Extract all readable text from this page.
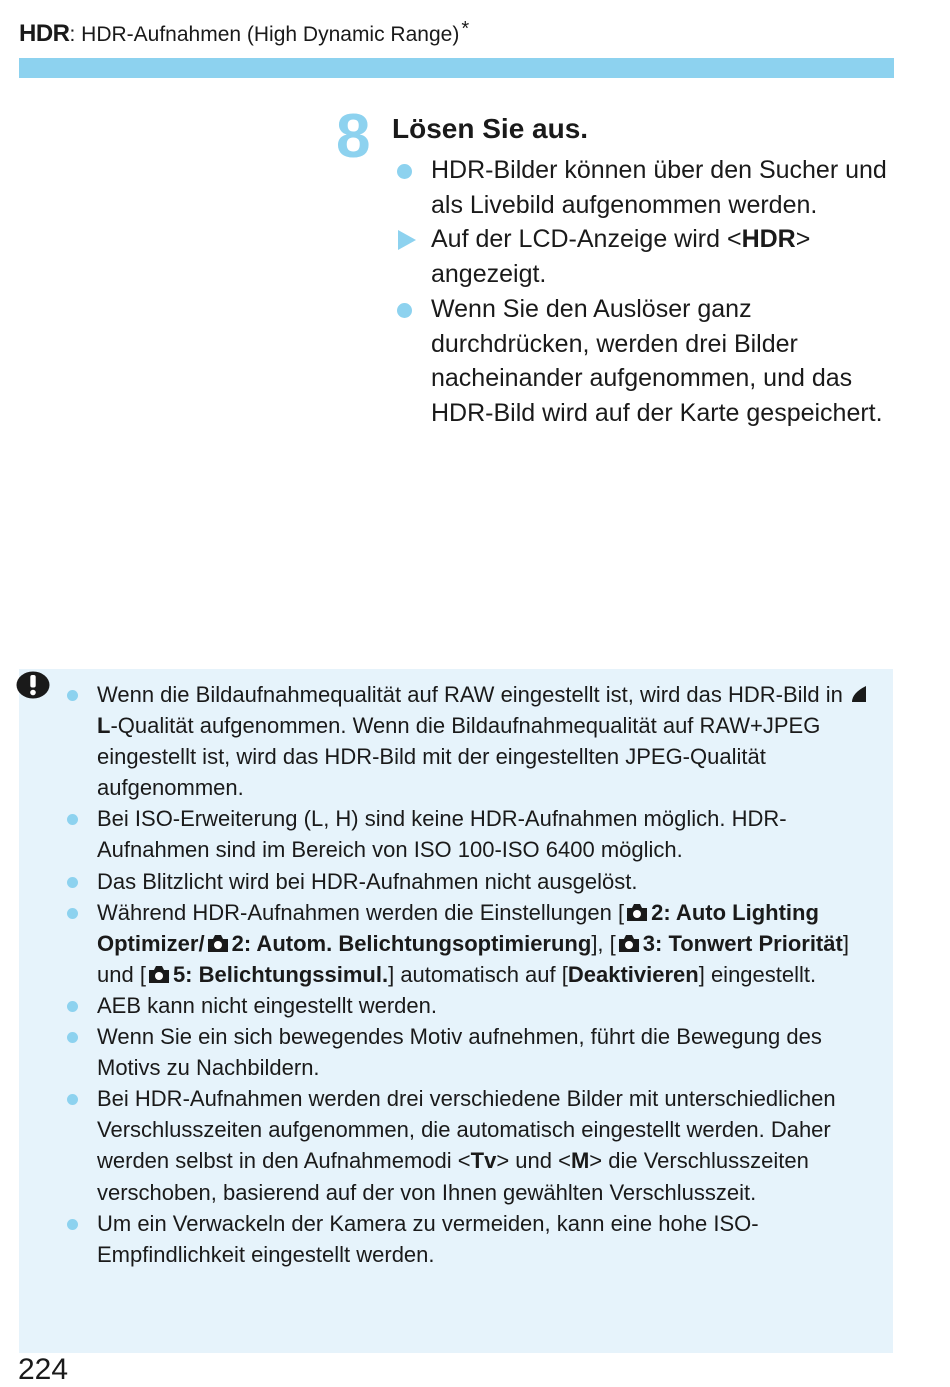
HDR: HDR-Aufnahmen (High Dynamic Range) *
8 Lösen Sie aus.
HDR-Bilder können über den Sucher und als Livebild aufgenommen werden.
Auf der LCD-Anzeige wird <HDR> angezeigt.
Wenn Sie den Auslöser ganz durchdrücken, werden drei Bilder nacheinander aufgenommen, und das HDR-Bild wird auf der Karte gespeichert.
Wenn die Bildaufnahmequalität auf RAW eingestellt ist, wird das HDR-Bild in L-Qualität aufgenommen. Wenn die Bildaufnahmequalität auf RAW+JPEG eingestellt ist, wird das HDR-Bild mit der eingestellten JPEG-Qualität aufgenommen.
Bei ISO-Erweiterung (L, H) sind keine HDR-Aufnahmen möglich. HDR-Aufnahmen sind im Bereich von ISO 100-ISO 6400 möglich.
Das Blitzlicht wird bei HDR-Aufnahmen nicht ausgelöst.
Während HDR-Aufnahmen werden die Einstellungen [ 2: Auto Lighting Optimizer/ 2: Autom. Belichtungsoptimierung], [ 3: Tonwert Priorität] und [ 5: Belichtungssimul.] automatisch auf [Deaktivieren] eingestellt.
AEB kann nicht eingestellt werden.
Wenn Sie ein sich bewegendes Motiv aufnehmen, führt die Bewegung des Motivs zu Nachbildern.
Bei HDR-Aufnahmen werden drei verschiedene Bilder mit unterschiedlichen Verschlusszeiten aufgenommen, die automatisch eingestellt werden. Daher werden selbst in den Aufnahmemodi <Tv> und <M> die Verschlusszeiten verschoben, basierend auf der von Ihnen gewählten Verschlusszeit.
Um ein Verwackeln der Kamera zu vermeiden, kann eine hohe ISO-Empfindlichkeit eingestellt werden.
224
